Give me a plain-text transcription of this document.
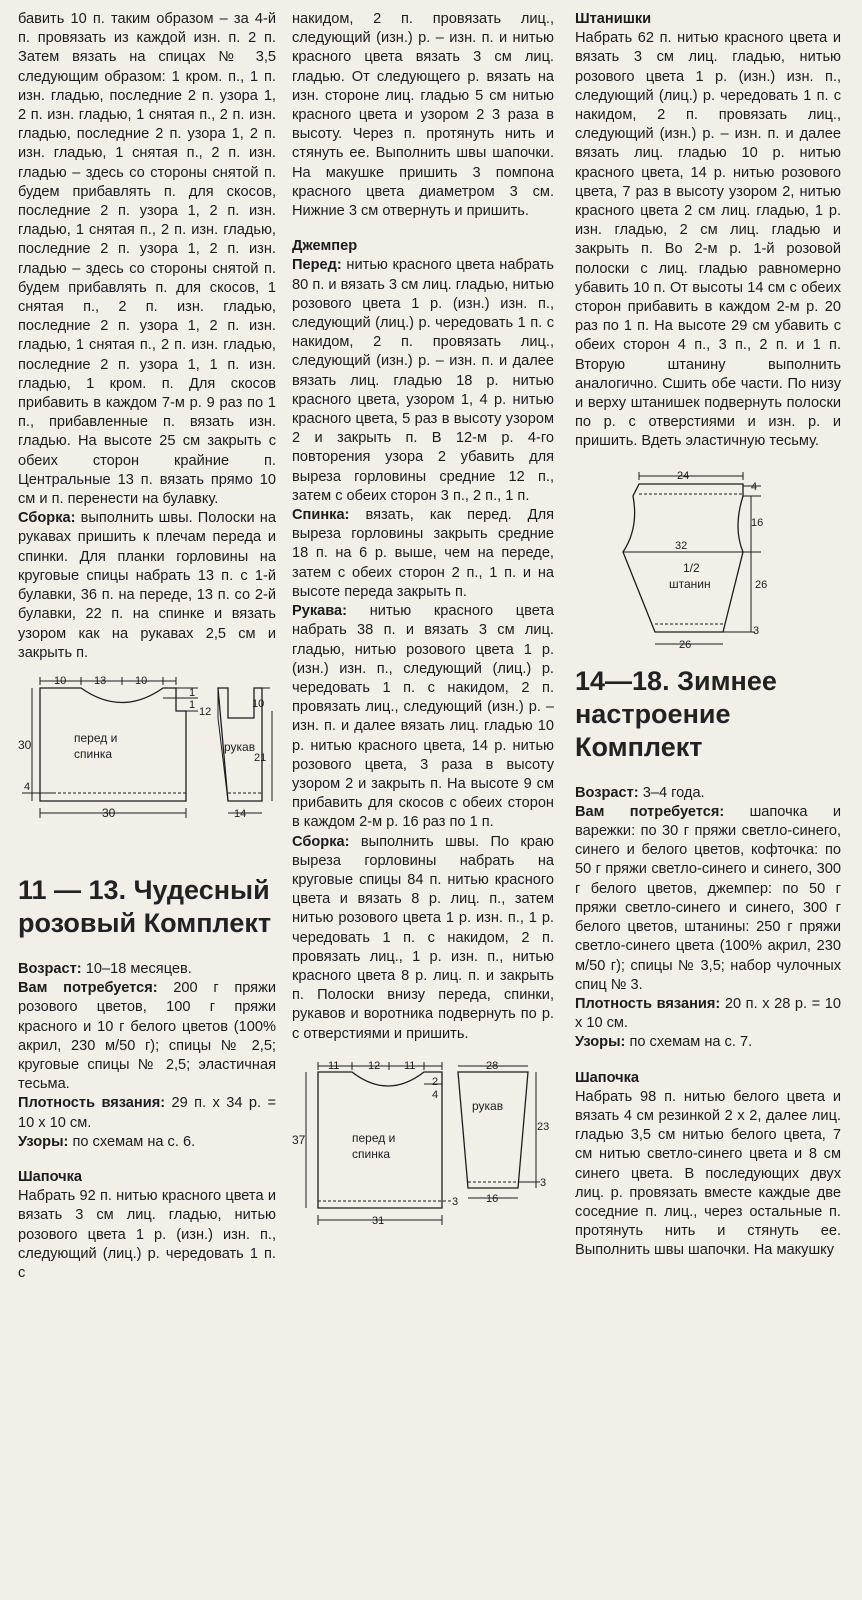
бавить 10 п. таким образом – за 4-й п. провязать из каждой изн. п. 2 п. Затем вязать на спицах № 3,5 следующим образом: 1 кром. п., 1 п. изн. гладью, последние 2 п. узора 1, 2 п. изн. гладью, 1 снятая п., 2 п. изн. гладью, последние 2 п. узора 1, 2 п. изн. гладью, 1 снятая п., 2 п. изн. гладью – здесь со стороны снятой п. будем прибавлять п. для скосов, последние 2 п. узора 1, 2 п. изн. гладью, 1 снятая п., 2 п. изн. гладью, последние 2 п. узора 1, 2 п. изн. гладью – здесь со стороны снятой п. будем прибавлять п. для скосов, 1 снятая п., 2 п. изн. гладью, последние 2 п. узора 1, 2 п. изн. гладью, 1 снятая п., 2 п. изн. гладью, последние 2 п. узора 1, 1 п. изн. гладью, 1 кром. п. Для скосов прибавить в каждом 7-м р. 9 раз по 1 п., прибавленные п. вязать изн. гладью. На высоте 25 см закрыть с обеих сторон крайние п. Центральные 13 п. вязать прямо 10 см и п. перенести на булавку.

Сборка: выполнить швы. Полоски на рукавах пришить к плечам переда и спинки. Для планки горловины на круговые спицы набрать 13 п. с 1-й булавки, 36 п. на переде, 13 п. со 2-й булавки, 22 п. на спинке и вязать узором как на рукавах 2,5 см и закрыть п.

10	13	10
1
1
30	перед и
спинка
4
30
12
10
рукав
21
14
11 — 13. Чудесный розовый Комплект

Возраст: 10–18 месяцев.

Вам потребуется: 200 г пряжи розового цветов, 100 г пряжи красного и 10 г белого цветов (100% акрил, 230 м/50 г); спицы № 2,5; круговые спицы № 2,5; эластичная тесьма.

Плотность вязания: 29 п. x 34 р. = 10 x 10 см.

Узоры: по схемам на с. 6.

Шапочка

Набрать 92 п. нитью красного цвета и вязать 3 см лиц. гладью, нитью розового цвета 1 р. (изн.) изн. п., следующий (лиц.) р. чередовать 1 п. с

накидом, 2 п. провязать лиц., следующий (изн.) р. – изн. п. и нитью красного цвета вязать 3 см лиц. гладью. От следующего р. вязать на изн. стороне лиц. гладью 5 см нитью красного цвета и узором 2 3 раза в высоту. Через п. протянуть нить и стянуть ее. Выполнить швы шапочки. На макушке пришить 3 помпона красного цвета диаметром 3 см. Нижние 3 см отвернуть и пришить.

Джемпер

Перед: нитью красного цвета набрать 80 п. и вязать 3 см лиц. гладью, нитью розового цвета 1 р. (изн.) изн. п., следующий (лиц.) р. чередовать 1 п. с накидом, 2 п. провязать лиц., следующий (изн.) р. – изн. п. и далее вязать лиц. гладью 18 р. нитью красного цвета, узором 1, 4 р. нитью красного цвета, 5 раз в высоту узором 2 и закрыть п. В 12-м р. 4-го повторения узора 2 убавить для выреза горловины средние 12 п., затем с обеих сторон 3 п., 2 п., 1 п.

Спинка: вязать, как перед. Для выреза горловины закрыть средние 18 п. на 6 р. выше, чем на переде, затем с обеих сторон 2 п., 1 п. и на высоте переда закрыть п.

Рукава: нитью красного цвета набрать 38 п. и вязать 3 см лиц. гладью, нитью розового цвета 1 р. (изн.) изн. п., следующий (лиц.) р. чередовать 1 п. с накидом, 2 п. провязать лиц., следующий (изн.) р. – изн. п. и далее вязать лиц. гладью 10 р. нитью красного цвета, 14 р. нитью розового цвета, 3 раза в высоту узором 2 и закрыть п. На высоте 9 см прибавить для скосов с обеих сторон в каждом 2-м р. 16 раз по 1 п.

Сборка: выполнить швы. По краю выреза горловины набрать на круговые спицы 84 п. нитью красного цвета и вязать 8 р. лиц. п., затем нитью розового цвета 1 р. изн. п., 1 р. чередовать 1 п. с накидом, 2 п. провязать лиц., 1 р. изн. п., нитью красного цвета 8 р. лиц. п. и закрыть п. Полоски внизу переда, спинки, рукавов и воротника подвернуть по р. с отверстиями и пришить.

11	12 11
2
4
37	перед и
спинка
3
31
28
рукав
23
3
16
Штанишки

Набрать 62 п. нитью красного цвета и вязать 3 см лиц. гладью, нитью розового цвета 1 р. (изн.) изн. п., следующий (лиц.) р. чередовать 1 п. с накидом, 2 п. провязать лиц., следующий (изн.) р. – изн. п. и далее вязать лиц. гладью 10 р. нитью красного цвета, 14 р. нитью розового цвета, 7 раз в высоту узором 2, нитью красного цвета 2 см лиц. гладью, 1 р. изн. гладью, 2 см лиц. гладью и закрыть п. Во 2-м р. 1-й розовой полоски с лиц. гладью равномерно убавить 10 п. От высоты 14 см с обеих сторон прибавить в каждом 2-м р. 20 раз по 1 п. На высоте 29 см убавить с обеих сторон 4 п., 3 п., 2 п. и 1 п. Вторую штанину выполнить аналогично. Сшить обе части. По низу и верху штанишек подвернуть полоски по р. с отверстиями и изн. р. и пришить. Вдеть эластичную тесьму.

24
4
16
32
1/2
штанин	26
3
26
14—18. Зимнее настроение Комплект

Возраст: 3–4 года.

Вам потребуется: шапочка и варежки: по 30 г пряжи светло-синего, синего и белого цветов, кофточка: по 50 г пряжи светло-синего и синего, 300 г белого цветов, джемпер: по 50 г пряжи светло-синего и синего, 300 г белого цветов, штанины: 250 г пряжи светло-синего цвета (100% акрил, 230 м/50 г); спицы № 3,5; набор чулочных спиц № 3.

Плотность вязания: 20 п. x 28 р. = 10 x 10 см.

Узоры: по схемам на с. 7.

Шапочка

Набрать 98 п. нитью белого цвета и вязать 4 см резинкой 2 x 2, далее лиц. гладью 3,5 см нитью белого цвета, 7 см нитью светло-синего цвета и 8 см синего цвета. В последующих двух лиц. р. провязать вместе каждые две соседние п. лиц., через остальные п. протянуть нить и стянуть ее. Выполнить швы шапочки. На макушку
